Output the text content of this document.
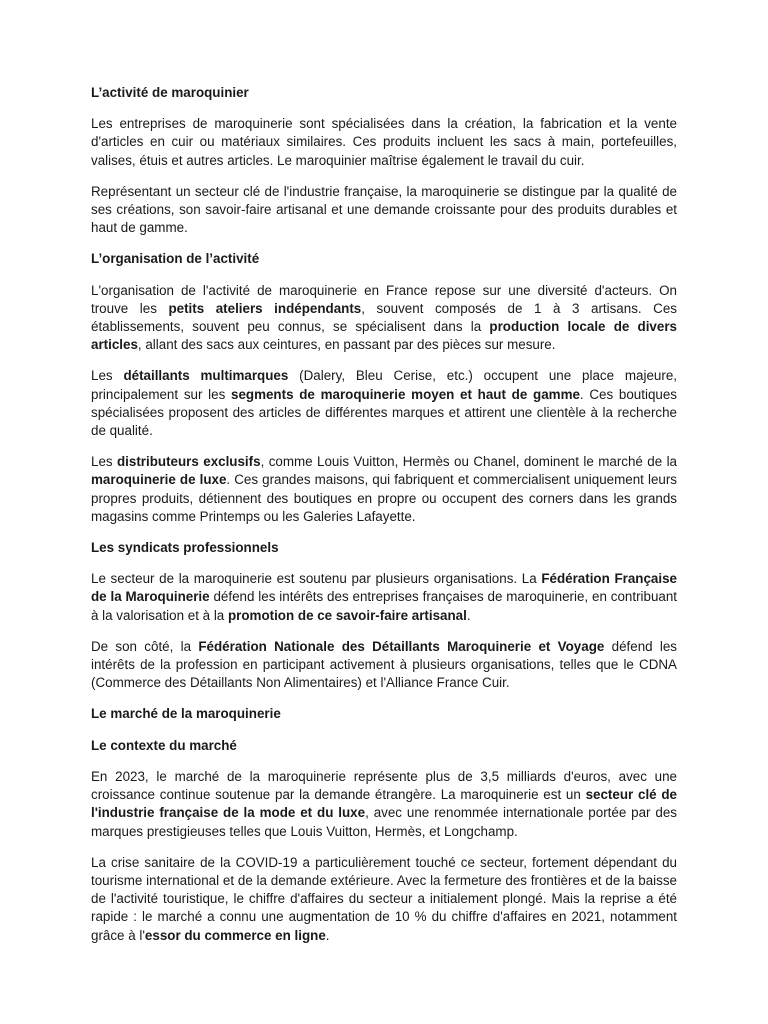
L’activité de maroquinier

Les entreprises de maroquinerie sont spécialisées dans la création, la fabrication et la vente d'articles en cuir ou matériaux similaires. Ces produits incluent les sacs à main, portefeuilles, valises, étuis et autres articles. Le maroquinier maîtrise également le travail du cuir.

Représentant un secteur clé de l'industrie française, la maroquinerie se distingue par la qualité de ses créations, son savoir-faire artisanal et une demande croissante pour des produits durables et haut de gamme.

L’organisation de l’activité

L'organisation de l'activité de maroquinerie en France repose sur une diversité d'acteurs. On trouve les petits ateliers indépendants, souvent composés de 1 à 3 artisans. Ces établissements, souvent peu connus, se spécialisent dans la production locale de divers articles, allant des sacs aux ceintures, en passant par des pièces sur mesure.

Les détaillants multimarques (Dalery, Bleu Cerise, etc.) occupent une place majeure, principalement sur les segments de maroquinerie moyen et haut de gamme. Ces boutiques spécialisées proposent des articles de différentes marques et attirent une clientèle à la recherche de qualité.

Les distributeurs exclusifs, comme Louis Vuitton, Hermès ou Chanel, dominent le marché de la maroquinerie de luxe. Ces grandes maisons, qui fabriquent et commercialisent uniquement leurs propres produits, détiennent des boutiques en propre ou occupent des corners dans les grands magasins comme Printemps ou les Galeries Lafayette.

Les syndicats professionnels

Le secteur de la maroquinerie est soutenu par plusieurs organisations. La Fédération Française de la Maroquinerie défend les intérêts des entreprises françaises de maroquinerie, en contribuant à la valorisation et à la promotion de ce savoir-faire artisanal.

De son côté, la Fédération Nationale des Détaillants Maroquinerie et Voyage défend les intérêts de la profession en participant activement à plusieurs organisations, telles que le CDNA (Commerce des Détaillants Non Alimentaires) et l'Alliance France Cuir.

Le marché de la maroquinerie
Le contexte du marché

En 2023, le marché de la maroquinerie représente plus de 3,5 milliards d'euros, avec une croissance continue soutenue par la demande étrangère. La maroquinerie est un secteur clé de l'industrie française de la mode et du luxe, avec une renommée internationale portée par des marques prestigieuses telles que Louis Vuitton, Hermès, et Longchamp.

La crise sanitaire de la COVID-19 a particulièrement touché ce secteur, fortement dépendant du tourisme international et de la demande extérieure. Avec la fermeture des frontières et de la baisse de l'activité touristique, le chiffre d'affaires du secteur a initialement plongé. Mais la reprise a été rapide : le marché a connu une augmentation de 10 % du chiffre d'affaires en 2021, notamment grâce à l'essor du commerce en ligne.
